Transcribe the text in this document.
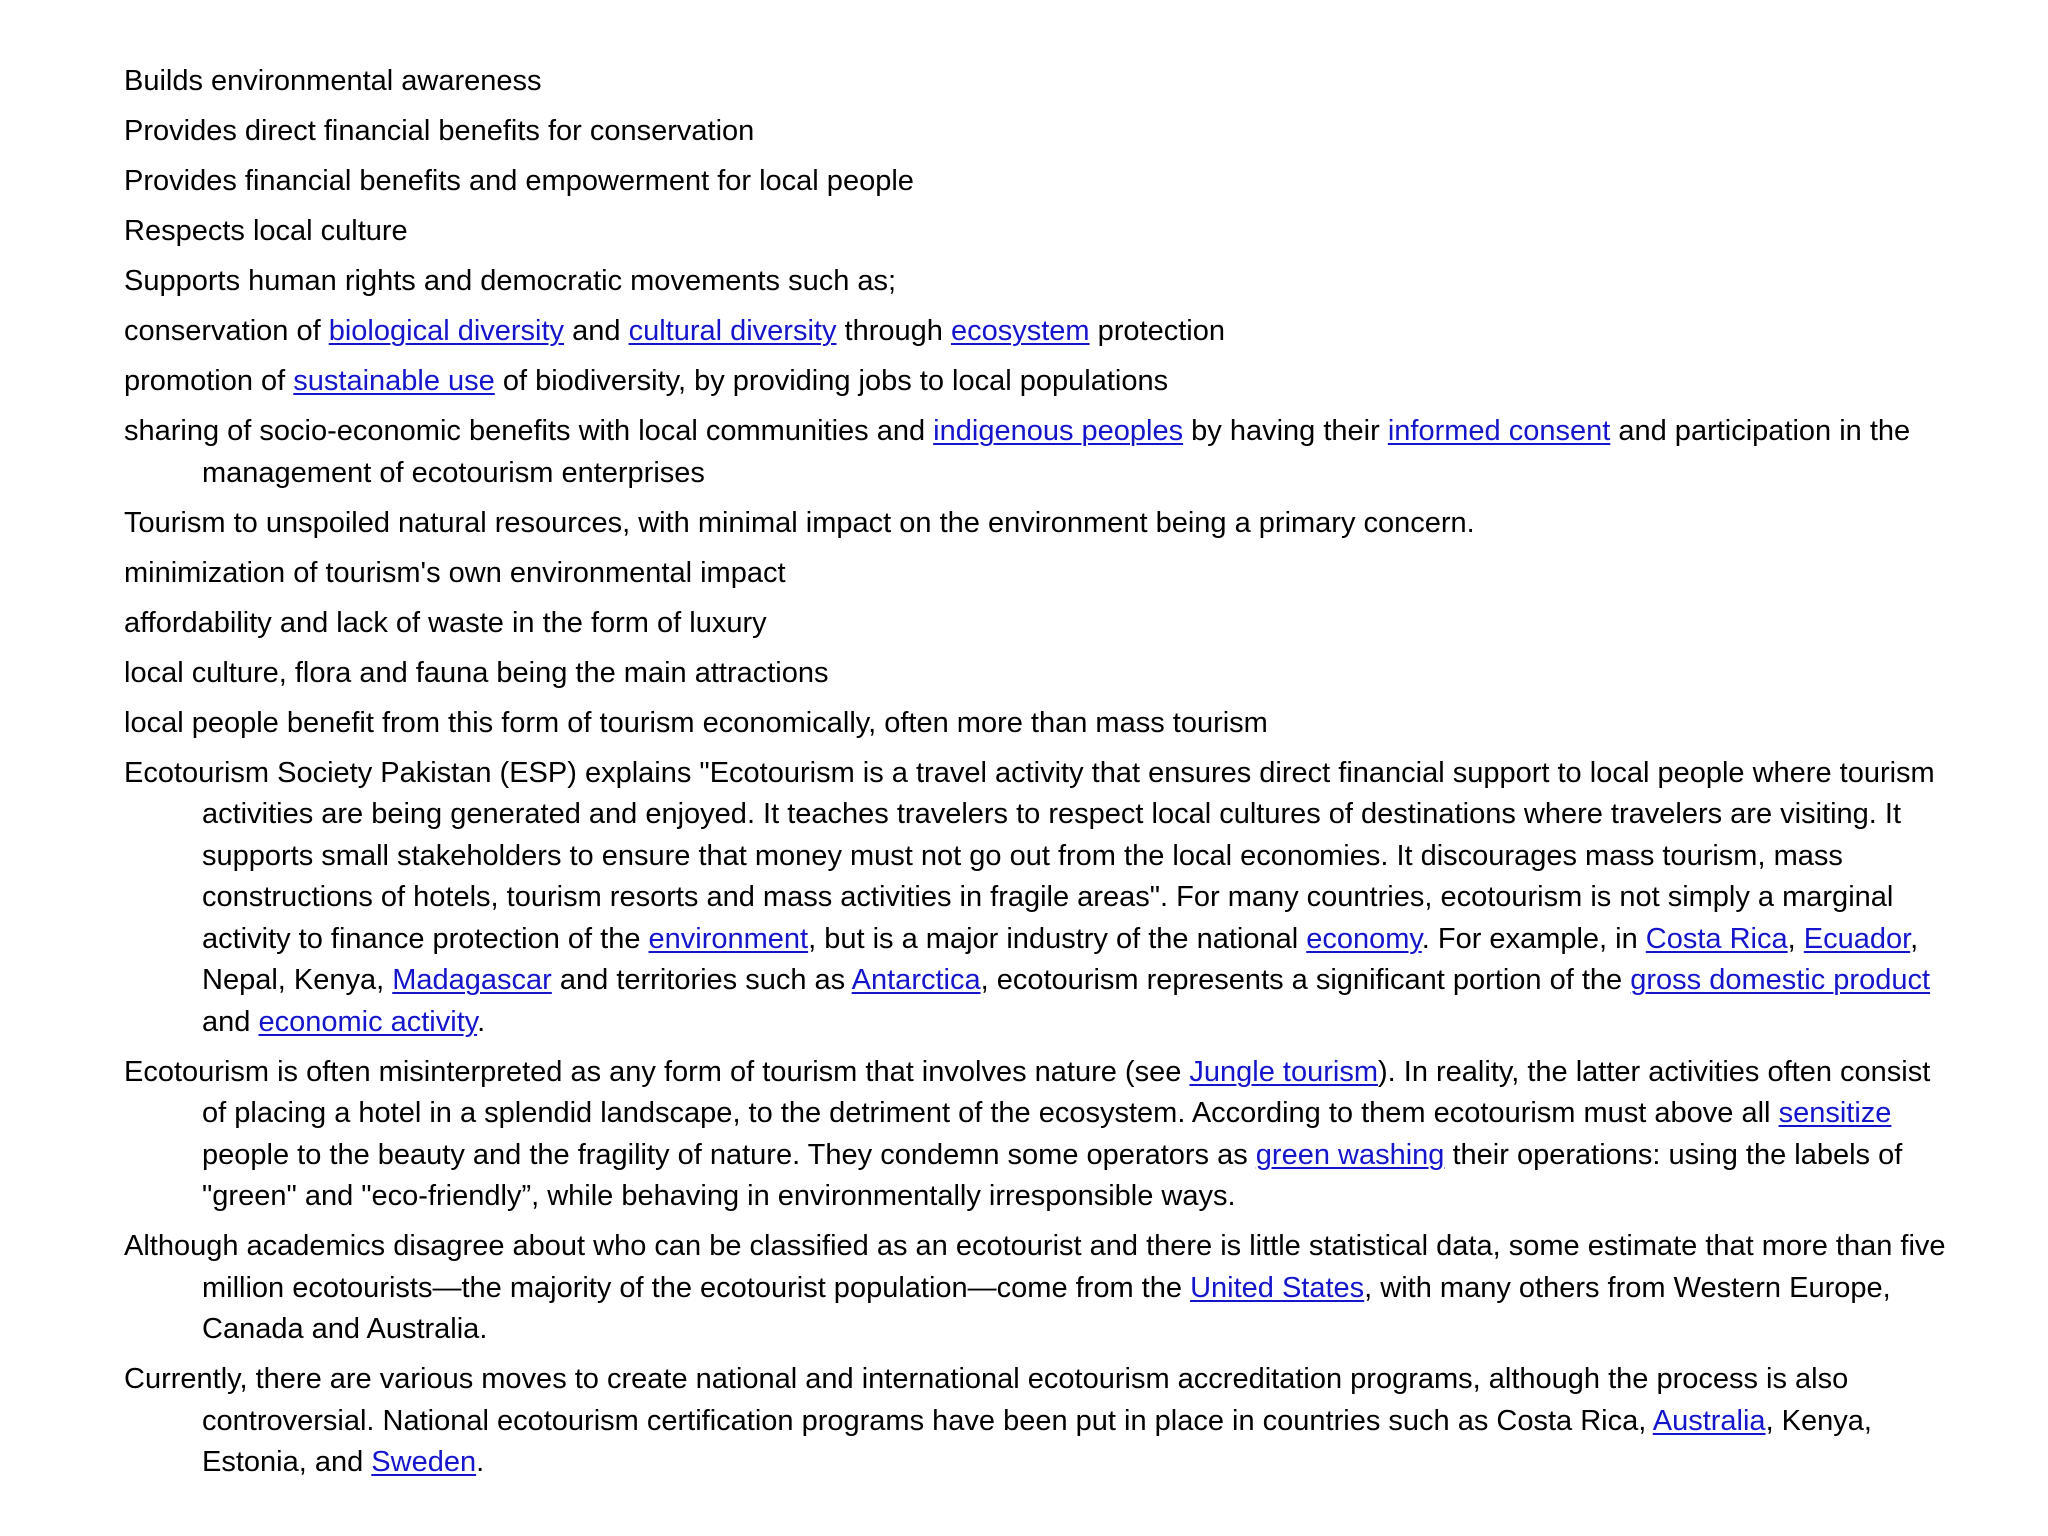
Builds environmental awareness

Provides direct financial benefits for conservation

Provides financial benefits and empowerment for local people

Respects local culture

Supports human rights and democratic movements such as;

conservation of biological diversity and cultural diversity through ecosystem protection

promotion of sustainable use of biodiversity, by providing jobs to local populations

sharing of socio-economic benefits with local communities and indigenous peoples by having their informed consent and participation in the management of ecotourism enterprises

Tourism to unspoiled natural resources, with minimal impact on the environment being a primary concern.

minimization of tourism's own environmental impact

affordability and lack of waste in the form of luxury

local culture, flora and fauna being the main attractions

local people benefit from this form of tourism economically, often more than mass tourism

Ecotourism Society Pakistan (ESP) explains "Ecotourism is a travel activity that ensures direct financial support to local people where tourism activities are being generated and enjoyed. It teaches travelers to respect local cultures of destinations where travelers are visiting. It supports small stakeholders to ensure that money must not go out from the local economies. It discourages mass tourism, mass constructions of hotels, tourism resorts and mass activities in fragile areas". For many countries, ecotourism is not simply a marginal activity to finance protection of the environment, but is a major industry of the national economy. For example, in Costa Rica, Ecuador, Nepal, Kenya, Madagascar and territories such as Antarctica, ecotourism represents a significant portion of the gross domestic product and economic activity.

Ecotourism is often misinterpreted as any form of tourism that involves nature (see Jungle tourism). In reality, the latter activities often consist of placing a hotel in a splendid landscape, to the detriment of the ecosystem. According to them ecotourism must above all sensitize people to the beauty and the fragility of nature. They condemn some operators as green washing their operations: using the labels of "green" and "eco-friendly”, while behaving in environmentally irresponsible ways.

Although academics disagree about who can be classified as an ecotourist and there is little statistical data, some estimate that more than five million ecotourists—the majority of the ecotourist population—come from the United States, with many others from Western Europe, Canada and Australia.

Currently, there are various moves to create national and international ecotourism accreditation programs, although the process is also controversial. National ecotourism certification programs have been put in place in countries such as Costa Rica, Australia, Kenya, Estonia, and Sweden.
